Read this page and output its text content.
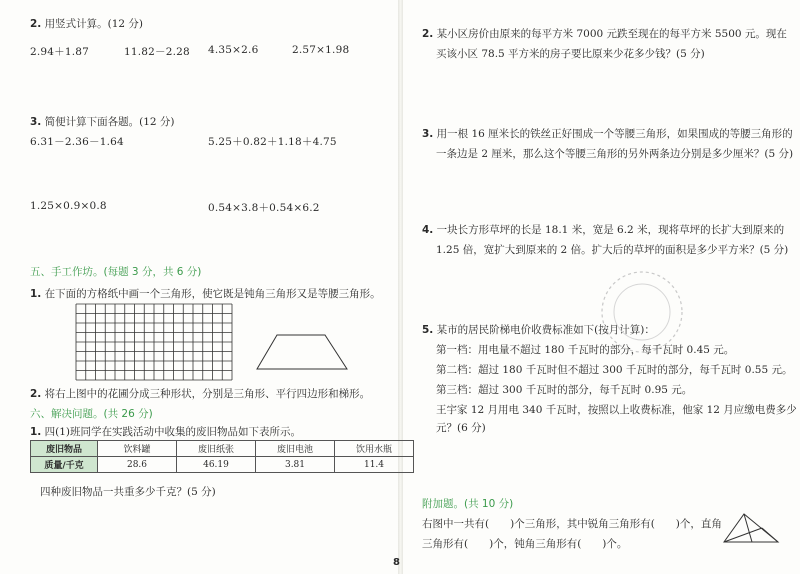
2. 用竖式计算。(12 分)
2.94＋1.87	11.82－2.28 4.35×2.6	2.57×1.98
3. 简便计算下面各题。(12 分)
6.31－2.36－1.64	5.25＋0.82＋1.18＋4.75
1.25×0.9×0.8	0.54×3.8＋0.54×6.2
五、手工作坊。(每题 3 分，共 6 分)
1. 在下面的方格纸中画一个三角形，使它既是钝角三角形又是等腰三角形。
2. 将右上图中的花圃分成三种形状，分别是三角形、平行四边形和梯形。
六、解决问题。(共 26 分)
1. 四(1)班同学在实践活动中收集的废旧物品如下表所示。
废旧物品	饮料罐	废旧纸张	废旧电池	饮用水瓶
质量/千克	28.6	46.19	3.81	11.4
四种废旧物品一共重多少千克？(5 分)
2. 某小区房价由原来的每平方米 7000 元跌至现在的每平方米 5500 元。现在
买该小区 78.5 平方米的房子要比原来少花多少钱？(5 分)
3. 用一根 16 厘米长的铁丝正好围成一个等腰三角形，如果围成的等腰三角形的
一条边是 2 厘米，那么这个等腰三角形的另外两条边分别是多少厘米？(5 分)
4. 一块长方形草坪的长是 18.1 米，宽是 6.2 米，现将草坪的长扩大到原来的
1.25 倍，宽扩大到原来的 2 倍。扩大后的草坪的面积是多少平方米？(5 分)
5. 某市的居民阶梯电价收费标准如下(按月计算)：
第一档：用电量不超过 180 千瓦时的部分，每千瓦时 0.45 元。
第二档：超过 180 千瓦时但不超过 300 千瓦时的部分，每千瓦时 0.55 元。
第三档：超过 300 千瓦时的部分，每千瓦时 0.95 元。
王宇家 12 月用电 340 千瓦时，按照以上收费标准，他家 12 月应缴电费多少
元？(6 分)
附加题。(共 10 分)
右图中一共有(　　)个三角形，其中锐角三角形有(　　)个，直角
三角形有(　　)个，钝角三角形有(　　)个。
8
